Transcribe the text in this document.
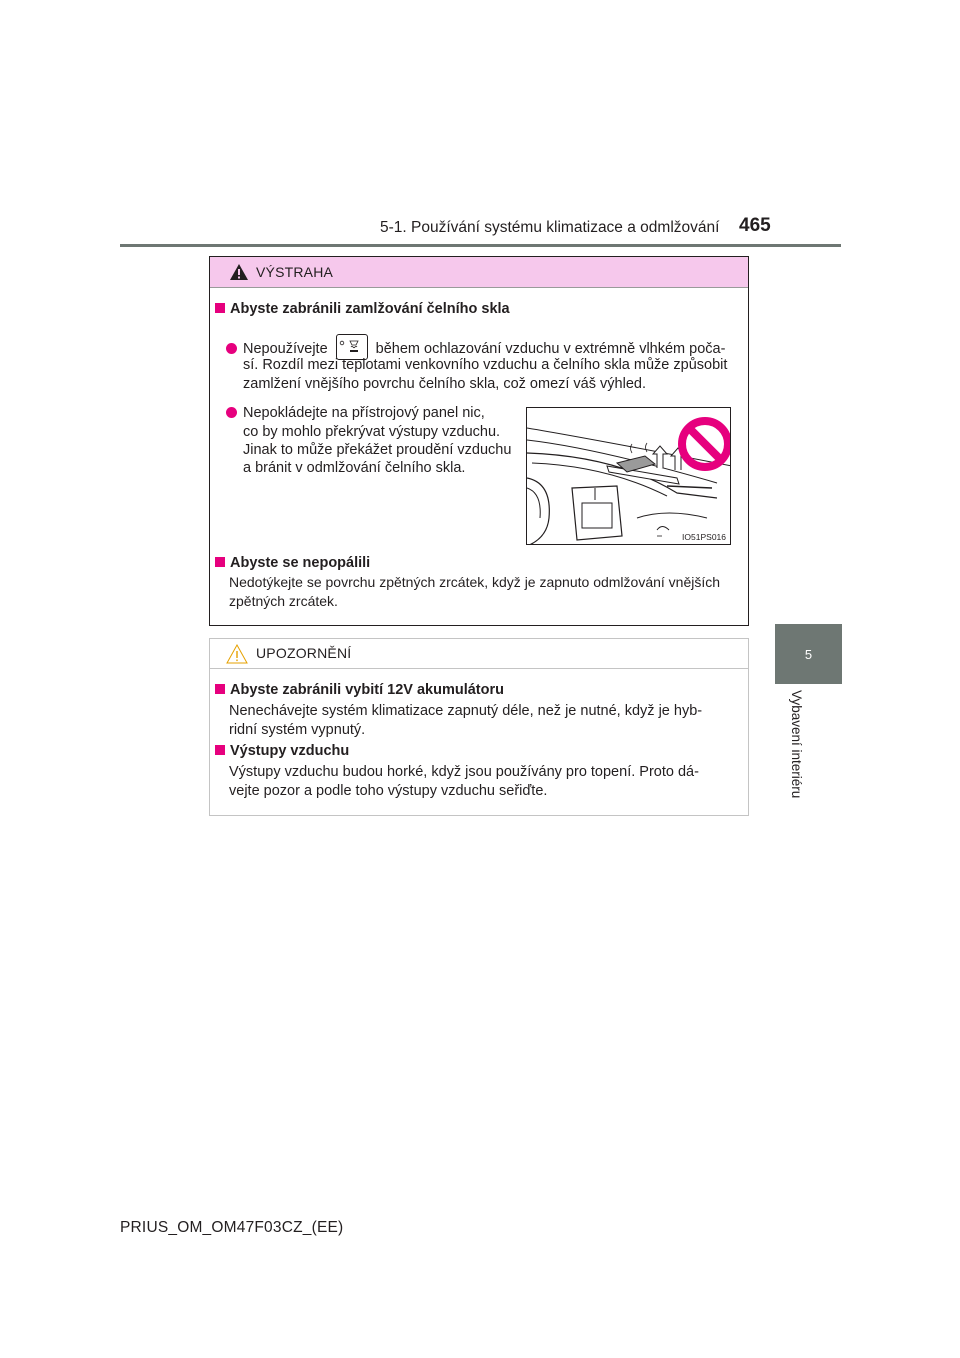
5-1. Používání systému klimatizace a odmlžování 465
5
Vybavení interiéru
VÝSTRAHA
Abyste zabránili zamlžování čelního skla
Nepoužívejte	během ochlazování vzduchu v extrémně vlhkém poča-
sí. Rozdíl mezi teplotami venkovního vzduchu a čelního skla může způsobit
zamlžení vnějšího povrchu čelního skla, což omezí váš výhled.
Nepokládejte na přístrojový panel nic,
co by mohlo překrývat výstupy vzduchu.
Jinak to může překážet proudění vzduchu
a bránit v odmlžování čelního skla.
IO51PS016
Abyste se nepopálili
Nedotýkejte se povrchu zpětných zrcátek, když je zapnuto odmlžování vnějších
zpětných zrcátek.
UPOZORNĚNÍ
Abyste zabránili vybití 12V akumulátoru
Nenechávejte systém klimatizace zapnutý déle, než je nutné, když je hyb-
ridní systém vypnutý.
Výstupy vzduchu
Výstupy vzduchu budou horké, když jsou používány pro topení. Proto dá-
vejte pozor a podle toho výstupy vzduchu seřiďte.
PRIUS_OM_OM47F03CZ_(EE)
